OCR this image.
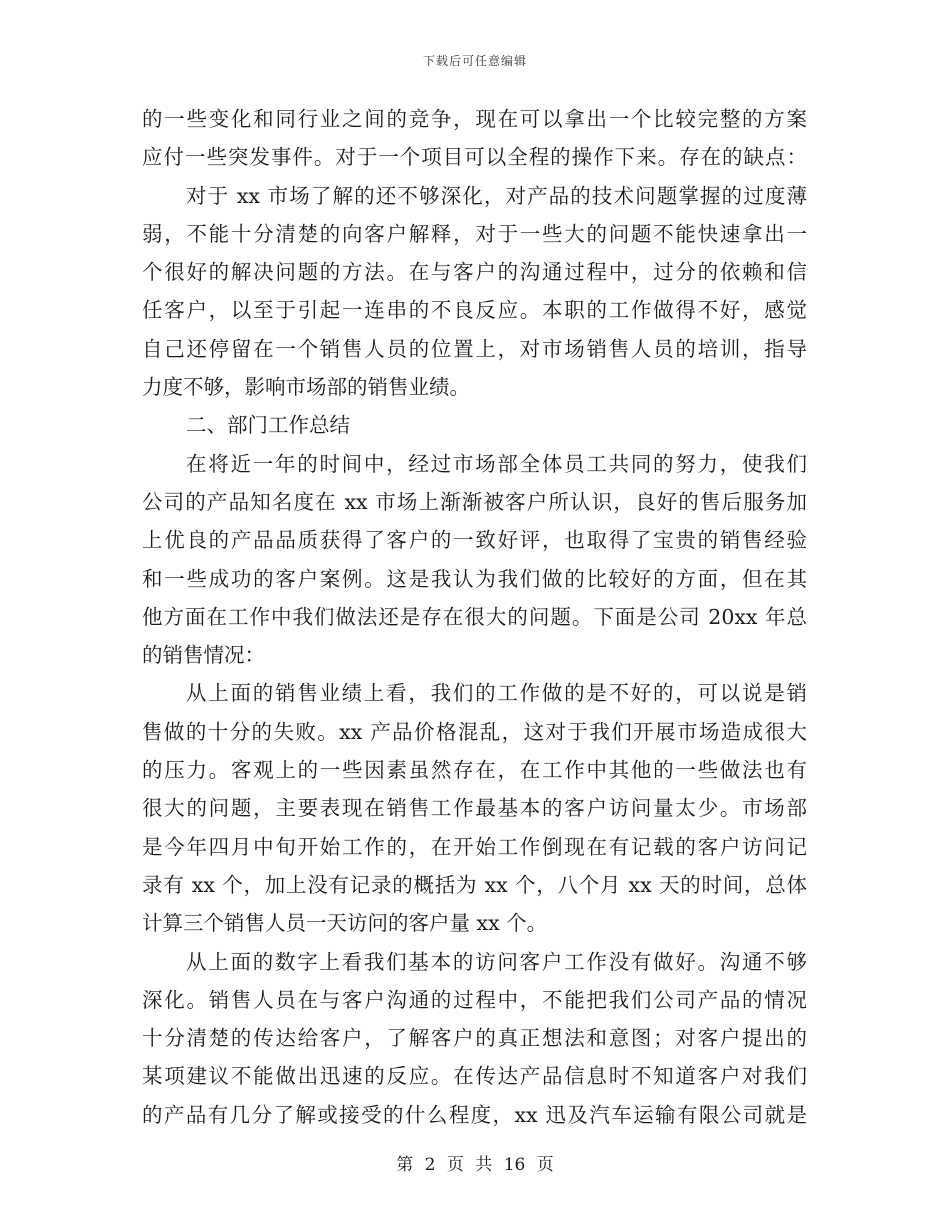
下载后可任意编辑
的一些变化和同行业之间的竞争，现在可以拿出一个比较完整的方案
应付一些突发事件。对于一个项目可以全程的操作下来。存在的缺点：
对于 xx 市场了解的还不够深化，对产品的技术问题掌握的过度薄
弱，不能十分清楚的向客户解释，对于一些大的问题不能快速拿出一
个很好的解决问题的方法。在与客户的沟通过程中，过分的依赖和信
任客户，以至于引起一连串的不良反应。本职的工作做得不好，感觉
自己还停留在一个销售人员的位置上，对市场销售人员的培训，指导
力度不够，影响市场部的销售业绩。
二、部门工作总结
在将近一年的时间中，经过市场部全体员工共同的努力，使我们
公司的产品知名度在 xx 市场上渐渐被客户所认识，良好的售后服务加
上优良的产品品质获得了客户的一致好评，也取得了宝贵的销售经验
和一些成功的客户案例。这是我认为我们做的比较好的方面，但在其
他方面在工作中我们做法还是存在很大的问题。下面是公司 20xx 年总
的销售情况：
从上面的销售业绩上看，我们的工作做的是不好的，可以说是销
售做的十分的失败。xx 产品价格混乱，这对于我们开展市场造成很大
的压力。客观上的一些因素虽然存在，在工作中其他的一些做法也有
很大的问题，主要表现在销售工作最基本的客户访问量太少。市场部
是今年四月中旬开始工作的，在开始工作倒现在有记载的客户访问记
录有 xx 个，加上没有记录的概括为 xx 个，八个月 xx 天的时间，总体
计算三个销售人员一天访问的客户量 xx 个。
从上面的数字上看我们基本的访问客户工作没有做好。沟通不够
深化。销售人员在与客户沟通的过程中，不能把我们公司产品的情况
十分清楚的传达给客户，了解客户的真正想法和意图；对客户提出的
某项建议不能做出迅速的反应。在传达产品信息时不知道客户对我们
的产品有几分了解或接受的什么程度，xx 迅及汽车运输有限公司就是
第 2 页 共 16 页
